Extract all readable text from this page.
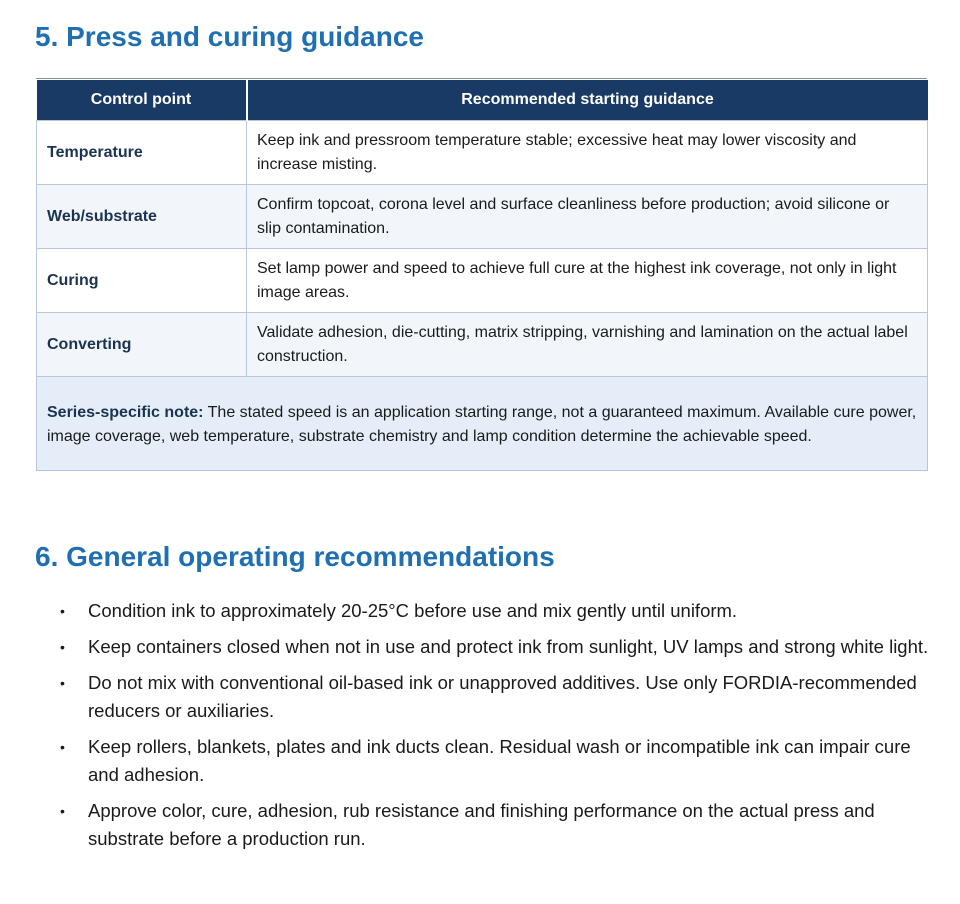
5. Press and curing guidance
Control point	Recommended starting guidance
Temperature	Keep ink and pressroom temperature stable; excessive heat may lower viscosity and increase misting.
Web/substrate	Confirm topcoat, corona level and surface cleanliness before production; avoid silicone or slip contamination.
Curing	Set lamp power and speed to achieve full cure at the highest ink coverage, not only in light image areas.
Converting	Validate adhesion, die-cutting, matrix stripping, varnishing and lamination on the actual label construction.
Series-specific note: The stated speed is an application starting range, not a guaranteed maximum. Available cure power, image coverage, web temperature, substrate chemistry and lamp condition determine the achievable speed.	
6. General operating recommendations
• Condition ink to approximately 20-25°C before use and mix gently until uniform.
• Keep containers closed when not in use and protect ink from sunlight, UV lamps and strong white light.
• Do not mix with conventional oil-based ink or unapproved additives. Use only FORDIA-recommended reducers or auxiliaries.
• Keep rollers, blankets, plates and ink ducts clean. Residual wash or incompatible ink can impair cure and adhesion.
• Approve color, cure, adhesion, rub resistance and finishing performance on the actual press and substrate before a production run.
